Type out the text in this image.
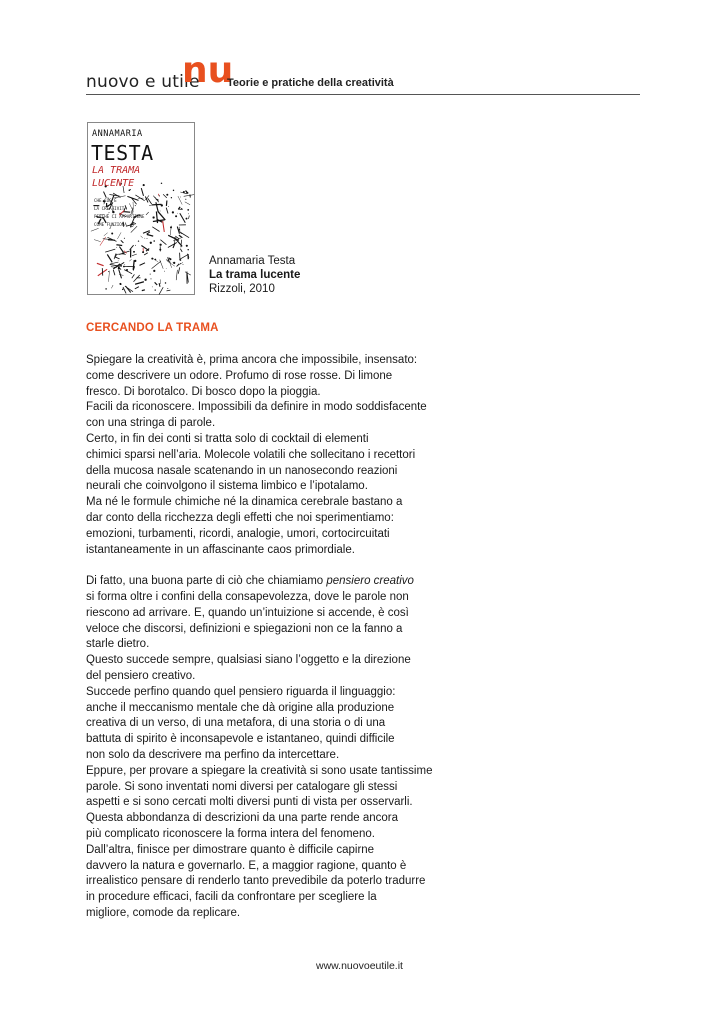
nuovo e utile
nu
Teorie e pratiche della creatività
ANNAMARIA
TESTA
LA TRAMA
LUCENTE
CHE COS'È
LA CREATIVITÀ
PERCHÉ CI APPARTIENE
COME FUNZIONA
Annamaria Testa
La trama lucente
Rizzoli, 2010
CERCANDO LA TRAMA
Spiegare la creatività è, prima ancora che impossibile, insensato:
come descrivere un odore. Profumo di rose rosse. Di limone
fresco. Di borotalco. Di bosco dopo la pioggia.
Facili da riconoscere. Impossibili da definire in modo soddisfacente
con una stringa di parole.
Certo, in fin dei conti si tratta solo di cocktail di elementi
chimici sparsi nell’aria. Molecole volatili che sollecitano i recettori
della mucosa nasale scatenando in un nanosecondo reazioni
neurali che coinvolgono il sistema limbico e l’ipotalamo.
Ma né le formule chimiche né la dinamica cerebrale bastano a
dar conto della ricchezza degli effetti che noi sperimentiamo:
emozioni, turbamenti, ricordi, analogie, umori, cortocircuitati
istantaneamente in un affascinante caos primordiale.
Di fatto, una buona parte di ciò che chiamiamo pensiero creativo
si forma oltre i confini della consapevolezza, dove le parole non
riescono ad arrivare. E, quando un’intuizione si accende, è così
veloce che discorsi, definizioni e spiegazioni non ce la fanno a
starle dietro.
Questo succede sempre, qualsiasi siano l’oggetto e la direzione
del pensiero creativo.
Succede perfino quando quel pensiero riguarda il linguaggio:
anche il meccanismo mentale che dà origine alla produzione
creativa di un verso, di una metafora, di una storia o di una
battuta di spirito è inconsapevole e istantaneo, quindi difficile
non solo da descrivere ma perfino da intercettare.
Eppure, per provare a spiegare la creatività si sono usate tantissime
parole. Si sono inventati nomi diversi per catalogare gli stessi
aspetti e si sono cercati molti diversi punti di vista per osservarli.
Questa abbondanza di descrizioni da una parte rende ancora
più complicato riconoscere la forma intera del fenomeno.
Dall’altra, finisce per dimostrare quanto è difficile capirne
davvero la natura e governarlo. E, a maggior ragione, quanto è
irrealistico pensare di renderlo tanto prevedibile da poterlo tradurre
in procedure efficaci, facili da confrontare per scegliere la
migliore, comode da replicare.
www.nuovoeutile.it
